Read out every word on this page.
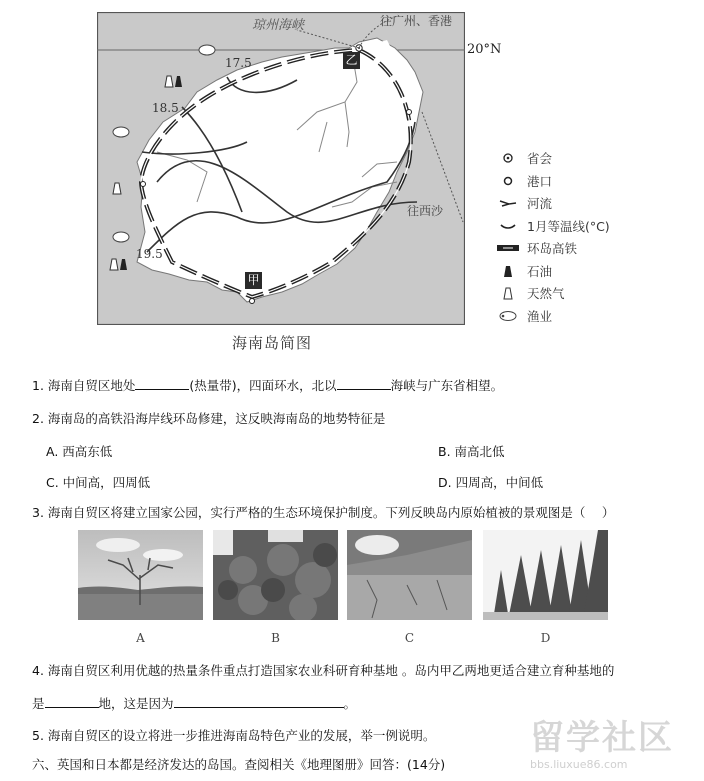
琼州海峡	往广州、香港
20°N
往西沙
17.5
18.5
19.5
乙
甲
海南岛简图
省会
港口
河流
1月等温线(°C)
环岛高铁
石油
天然气
渔业
1. 海南自贸区地处	(热量带)，四面环水，北以	海峡与广东省相望。
2. 海南岛的高铁沿海岸线环岛修建，这反映海南岛的地势特征是
A. 西高东低	B. 南高北低
C. 中间高，四周低	D. 四周高，中间低
3. 海南自贸区将建立国家公园，实行严格的生态环境保护制度。下列反映岛内原始植被的景观图是（　 ）
A	B	C	D
4. 海南自贸区利用优越的热量条件重点打造国家农业科研育种基地 。岛内甲乙两地更适合建立育种基地的
是	地，这是因为	。
5. 海南自贸区的设立将进一步推进海南岛特色产业的发展，举一例说明。
六、英国和日本都是经济发达的岛国。查阅相关《地理图册》回答：(14分)
留学社区
bbs.liuxue86.com
